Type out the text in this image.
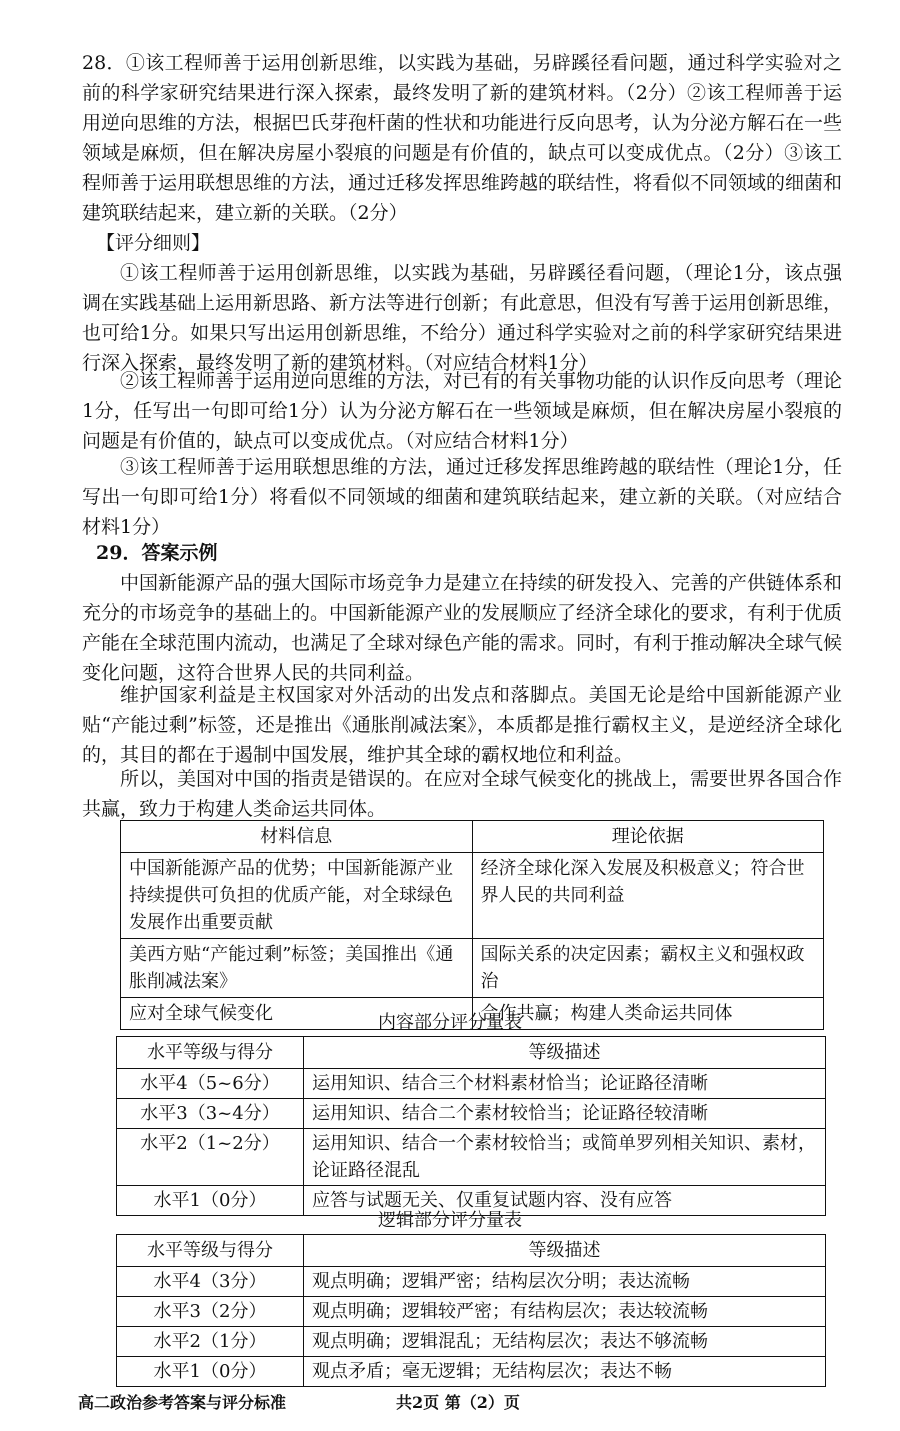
28．①该工程师善于运用创新思维，以实践为基础，另辟蹊径看问题，通过科学实验对之前的科学家研究结果进行深入探索，最终发明了新的建筑材料。（2分）②该工程师善于运用逆向思维的方法，根据巴氏芽孢杆菌的性状和功能进行反向思考，认为分泌方解石在一些领域是麻烦，但在解决房屋小裂痕的问题是有价值的，缺点可以变成优点。（2分）③该工程师善于运用联想思维的方法，通过迁移发挥思维跨越的联结性，将看似不同领域的细菌和建筑联结起来，建立新的关联。（2分）

【评分细则】

①该工程师善于运用创新思维，以实践为基础，另辟蹊径看问题，（理论1分，该点强调在实践基础上运用新思路、新方法等进行创新；有此意思，但没有写善于运用创新思维，也可给1分。如果只写出运用创新思维，不给分）通过科学实验对之前的科学家研究结果进行深入探索，最终发明了新的建筑材料。（对应结合材料1分）

②该工程师善于运用逆向思维的方法，对已有的有关事物功能的认识作反向思考（理论1分，任写出一句即可给1分）认为分泌方解石在一些领域是麻烦，但在解决房屋小裂痕的问题是有价值的，缺点可以变成优点。（对应结合材料1分）

③该工程师善于运用联想思维的方法，通过迁移发挥思维跨越的联结性（理论1分，任写出一句即可给1分）将看似不同领域的细菌和建筑联结起来，建立新的关联。（对应结合材料1分）

29．答案示例

中国新能源产品的强大国际市场竞争力是建立在持续的研发投入、完善的产供链体系和充分的市场竞争的基础上的。中国新能源产业的发展顺应了经济全球化的要求，有利于优质产能在全球范围内流动，也满足了全球对绿色产能的需求。同时，有利于推动解决全球气候变化问题，这符合世界人民的共同利益。

维护国家利益是主权国家对外活动的出发点和落脚点。美国无论是给中国新能源产业贴“产能过剩”标签，还是推出《通胀削减法案》，本质都是推行霸权主义，是逆经济全球化的，其目的都在于遏制中国发展，维护其全球的霸权地位和利益。

所以，美国对中国的指责是错误的。在应对全球气候变化的挑战上，需要世界各国合作共赢，致力于构建人类命运共同体。

材料信息	理论依据
中国新能源产品的优势；中国新能源产业持续提供可负担的优质产能，对全球绿色发展作出重要贡献	经济全球化深入发展及积极意义；符合世界人民的共同利益
美西方贴“产能过剩”标签；美国推出《通胀削减法案》	国际关系的决定因素；霸权主义和强权政治
应对全球气候变化	合作共赢；构建人类命运共同体
内容部分评分量表
水平等级与得分	等级描述
水平4（5~6分）	运用知识、结合三个材料素材恰当；论证路径清晰
水平3（3~4分）	运用知识、结合二个素材较恰当；论证路径较清晰
水平2（1~2分）	运用知识、结合一个素材较恰当；或简单罗列相关知识、素材，论证路径混乱
水平1（0分）	应答与试题无关、仅重复试题内容、没有应答
逻辑部分评分量表
水平等级与得分	等级描述
水平4（3分）	观点明确；逻辑严密；结构层次分明；表达流畅
水平3（2分）	观点明确；逻辑较严密；有结构层次；表达较流畅
水平2（1分）	观点明确；逻辑混乱；无结构层次；表达不够流畅
水平1（0分）	观点矛盾；毫无逻辑；无结构层次；表达不畅
高二政治参考答案与评分标准	共2页 第（2）页
